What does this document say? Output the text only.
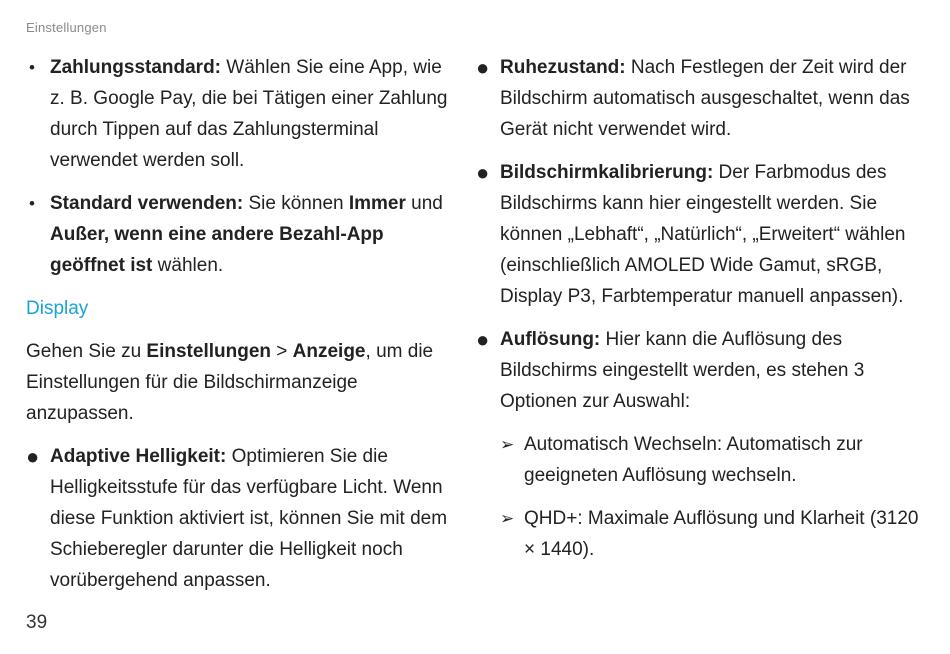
Einstellungen
• Zahlungsstandard: Wählen Sie eine App, wie z. B. Google Pay, die bei Tätigen einer Zahlung durch Tippen auf das Zahlungsterminal verwendet werden soll.
• Standard verwenden: Sie können Immer und Außer, wenn eine andere Bezahl-App geöffnet ist wählen.
Display
Gehen Sie zu Einstellungen > Anzeige, um die Einstellungen für die Bildschirmanzeige anzupassen.
● Adaptive Helligkeit: Optimieren Sie die Helligkeitsstufe für das verfügbare Licht. Wenn diese Funktion aktiviert ist, können Sie mit dem Schieberegler darunter die Helligkeit noch vorübergehend anpassen.
● Ruhezustand: Nach Festlegen der Zeit wird der Bildschirm automatisch ausgeschaltet, wenn das Gerät nicht verwendet wird.
● Bildschirmkalibrierung: Der Farbmodus des Bildschirms kann hier eingestellt werden. Sie können „Lebhaft“, „Natürlich“, „Erweitert“ wählen (einschließlich AMOLED Wide Gamut, sRGB, Display P3, Farbtemperatur manuell anpassen).
● Auflösung: Hier kann die Auflösung des Bildschirms eingestellt werden, es stehen 3 Optionen zur Auswahl:
➢ Automatisch Wechseln: Automatisch zur geeigneten Auflösung wechseln.
➢ QHD+: Maximale Auflösung und Klarheit (3120 × 1440).
39
